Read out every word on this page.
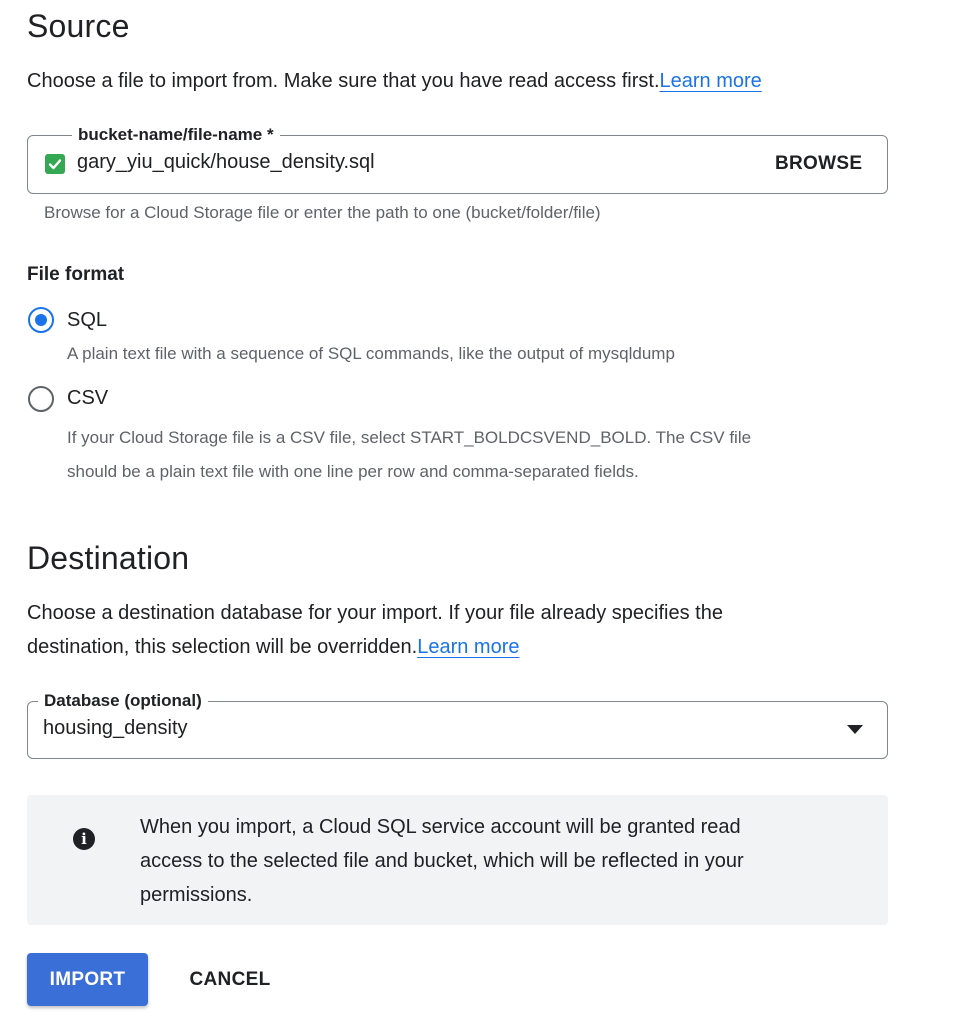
Source
Choose a file to import from. Make sure that you have read access first.Learn more
bucket-name/file-name *
gary_yiu_quick/house_density.sql	BROWSE
Browse for a Cloud Storage file or enter the path to one (bucket/folder/file)
File format
SQL
A plain text file with a sequence of SQL commands, like the output of mysqldump
CSV
If your Cloud Storage file is a CSV file, select START_BOLDCSVEND_BOLD. The CSV file
should be a plain text file with one line per row and comma-separated fields.
Destination
Choose a destination database for your import. If your file already specifies the
destination, this selection will be overridden.Learn more
Database (optional)
housing_density
i
When you import, a Cloud SQL service account will be granted read
access to the selected file and bucket, which will be reflected in your
permissions.
IMPORT	CANCEL
